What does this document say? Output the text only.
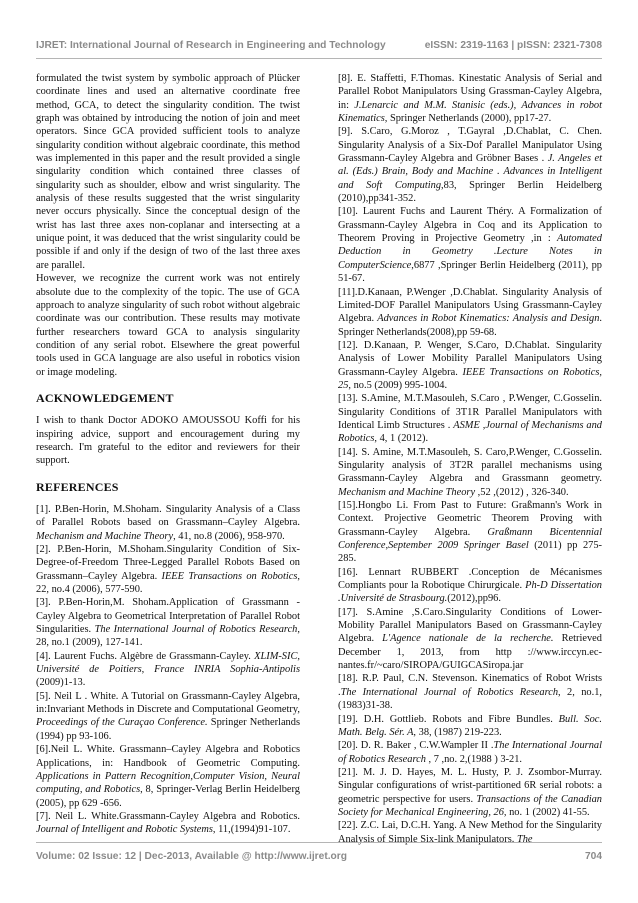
IJRET: International Journal of Research in Engineering and Technology	eISSN: 2319-1163 | pISSN: 2321-7308

formulated the twist system by symbolic approach of Plücker coordinate lines and used an alternative coordinate free method, GCA, to detect the singularity condition. The twist graph was obtained by introducing the notion of join and meet operators. Since GCA provided sufficient tools to analyze singularity condition without algebraic coordinate, this method was implemented in this paper and the result provided a single singularity condition which contained three classes of singularity such as shoulder, elbow and wrist singularity. The analysis of these results suggested that the wrist singularity never occurs physically. Since the conceptual design of the wrist has last three axes non-coplanar and intersecting at a unique point, it was deduced that the wrist singularity could be possible if and only if the design of two of the last three axes are parallel.

However, we recognize the current work was not entirely absolute due to the complexity of the topic. The use of GCA approach to analyze singularity of such robot without algebraic coordinate was our contribution. These results may motivate further researchers toward GCA to analysis singularity condition of any serial robot. Elsewhere the great powerful tools used in GCA language are also useful in robotics vision or image modeling.

ACKNOWLEDGEMENT

I wish to thank Doctor ADOKO AMOUSSOU Koffi for his inspiring advice, support and encouragement during my research. I'm grateful to the editor and reviewers for their support.

REFERENCES

[1]. P.Ben-Horin, M.Shoham. Singularity Analysis of a Class of Parallel Robots based on Grassmann–Cayley Algebra. Mechanism and Machine Theory, 41, no.8 (2006), 958-970.

[2]. P.Ben-Horin, M.Shoham.Singularity Condition of Six-Degree-of-Freedom Three-Legged Parallel Robots Based on Grassmann–Cayley Algebra. IEEE Transactions on Robotics, 22, no.4 (2006), 577-590.

[3]. P.Ben-Horin,M. Shoham.Application of Grassmann - Cayley Algebra to Geometrical Interpretation of Parallel Robot Singularities. The International Journal of Robotics Research, 28, no.1 (2009), 127-141.

[4]. Laurent Fuchs. Algèbre de Grassmann-Cayley. XLIM-SIC, Université de Poitiers, France INRIA Sophia-Antipolis (2009)1-13.

[5]. Neil L . White. A Tutorial on Grassmann-Cayley Algebra, in:Invariant Methods in Discrete and Computational Geometry, Proceedings of the Curaçao Conference. Springer Netherlands (1994) pp 93-106.

[6].Neil L. White. Grassmann–Cayley Algebra and Robotics Applications, in: Handbook of Geometric Computing. Applications in Pattern Recognition,Computer Vision, Neural computing, and Robotics, 8, Springer-Verlag Berlin Heidelberg (2005), pp 629 -656.

[7]. Neil L. White.Grassmann-Cayley Algebra and Robotics. Journal of Intelligent and Robotic Systems, 11,(1994)91-107.

[8]. E. Staffetti, F.Thomas. Kinestatic Analysis of Serial and Parallel Robot Manipulators Using Grassman-Cayley Algebra, in: J.Lenarcic and M.M. Stanisic (eds.), Advances in robot Kinematics, Springer Netherlands (2000), pp17-27.

[9]. S.Caro, G.Moroz , T.Gayral ,D.Chablat, C. Chen. Singularity Analysis of a Six-Dof Parallel Manipulator Using Grassmann-Cayley Algebra and Gröbner Bases . J. Angeles et al. (Eds.) Brain, Body and Machine . Advances in Intelligent and Soft Computing,83, Springer Berlin Heidelberg (2010),pp341-352.

[10]. Laurent Fuchs and Laurent Théry. A Formalization of Grassmann-Cayley Algebra in Coq and its Application to Theorem Proving in Projective Geometry ,in : Automated Deduction in Geometry .Lecture Notes in ComputerScience,6877 ,Springer Berlin Heidelberg (2011), pp 51-67.

[11].D.Kanaan, P.Wenger ,D.Chablat. Singularity Analysis of Limited-DOF Parallel Manipulators Using Grassmann-Cayley Algebra. Advances in Robot Kinematics: Analysis and Design. Springer Netherlands(2008),pp 59-68.

[12]. D.Kanaan, P. Wenger, S.Caro, D.Chablat. Singularity Analysis of Lower Mobility Parallel Manipulators Using Grassmann-Cayley Algebra. IEEE Transactions on Robotics, 25, no.5 (2009) 995-1004.

[13]. S.Amine, M.T.Masouleh, S.Caro , P.Wenger, C.Gosselin. Singularity Conditions of 3T1R Parallel Manipulators with Identical Limb Structures . ASME ,Journal of Mechanisms and Robotics, 4, 1 (2012).

[14]. S. Amine, M.T.Masouleh, S. Caro,P.Wenger, C.Gosselin. Singularity analysis of 3T2R parallel mechanisms using Grassmann-Cayley Algebra and Grassmann geometry. Mechanism and Machine Theory ,52 ,(2012) , 326-340.

[15].Hongbo Li. From Past to Future: Graßmann's Work in Context. Projective Geometric Theorem Proving with Grassmann-Cayley Algebra. Graßmann Bicentennial Conference,September 2009 Springer Basel (2011) pp 275-285.

[16]. Lennart RUBBERT .Conception de Mécanismes Compliants pour la Robotique Chirurgicale. Ph-D Dissertation .Université de Strasbourg.(2012),pp96.

[17]. S.Amine ,S.Caro.Singularity Conditions of Lower-Mobility Parallel Manipulators Based on Grassmann-Cayley Algebra. L'Agence nationale de la recherche. Retrieved December 1, 2013, from http ://www.irccyn.ec-nantes.fr/~caro/SIROPA/GUIGCASiropa.jar

[18]. R.P. Paul, C.N. Stevenson. Kinematics of Robot Wrists .The International Journal of Robotics Research, 2, no.1,(1983)31-38.

[19]. D.H. Gottlieb. Robots and Fibre Bundles. Bull. Soc. Math. Belg. Sér. A, 38, (1987) 219-223.

[20]. D. R. Baker , C.W.Wampler II .The International Journal of Robotics Research , 7 ,no. 2,(1988 ) 3-21.

[21]. M. J. D. Hayes, M. L. Husty, P. J. Zsombor-Murray. Singular configurations of wrist-partitioned 6R serial robots: a geometric perspective for users. Transactions of the Canadian Society for Mechanical Engineering, 26, no. 1 (2002) 41-55.

[22]. Z.C. Lai, D.C.H. Yang. A New Method for the Singularity Analysis of Simple Six-link Manipulators. The

Volume: 02 Issue: 12 | Dec-2013, Available @ http://www.ijret.org	704
